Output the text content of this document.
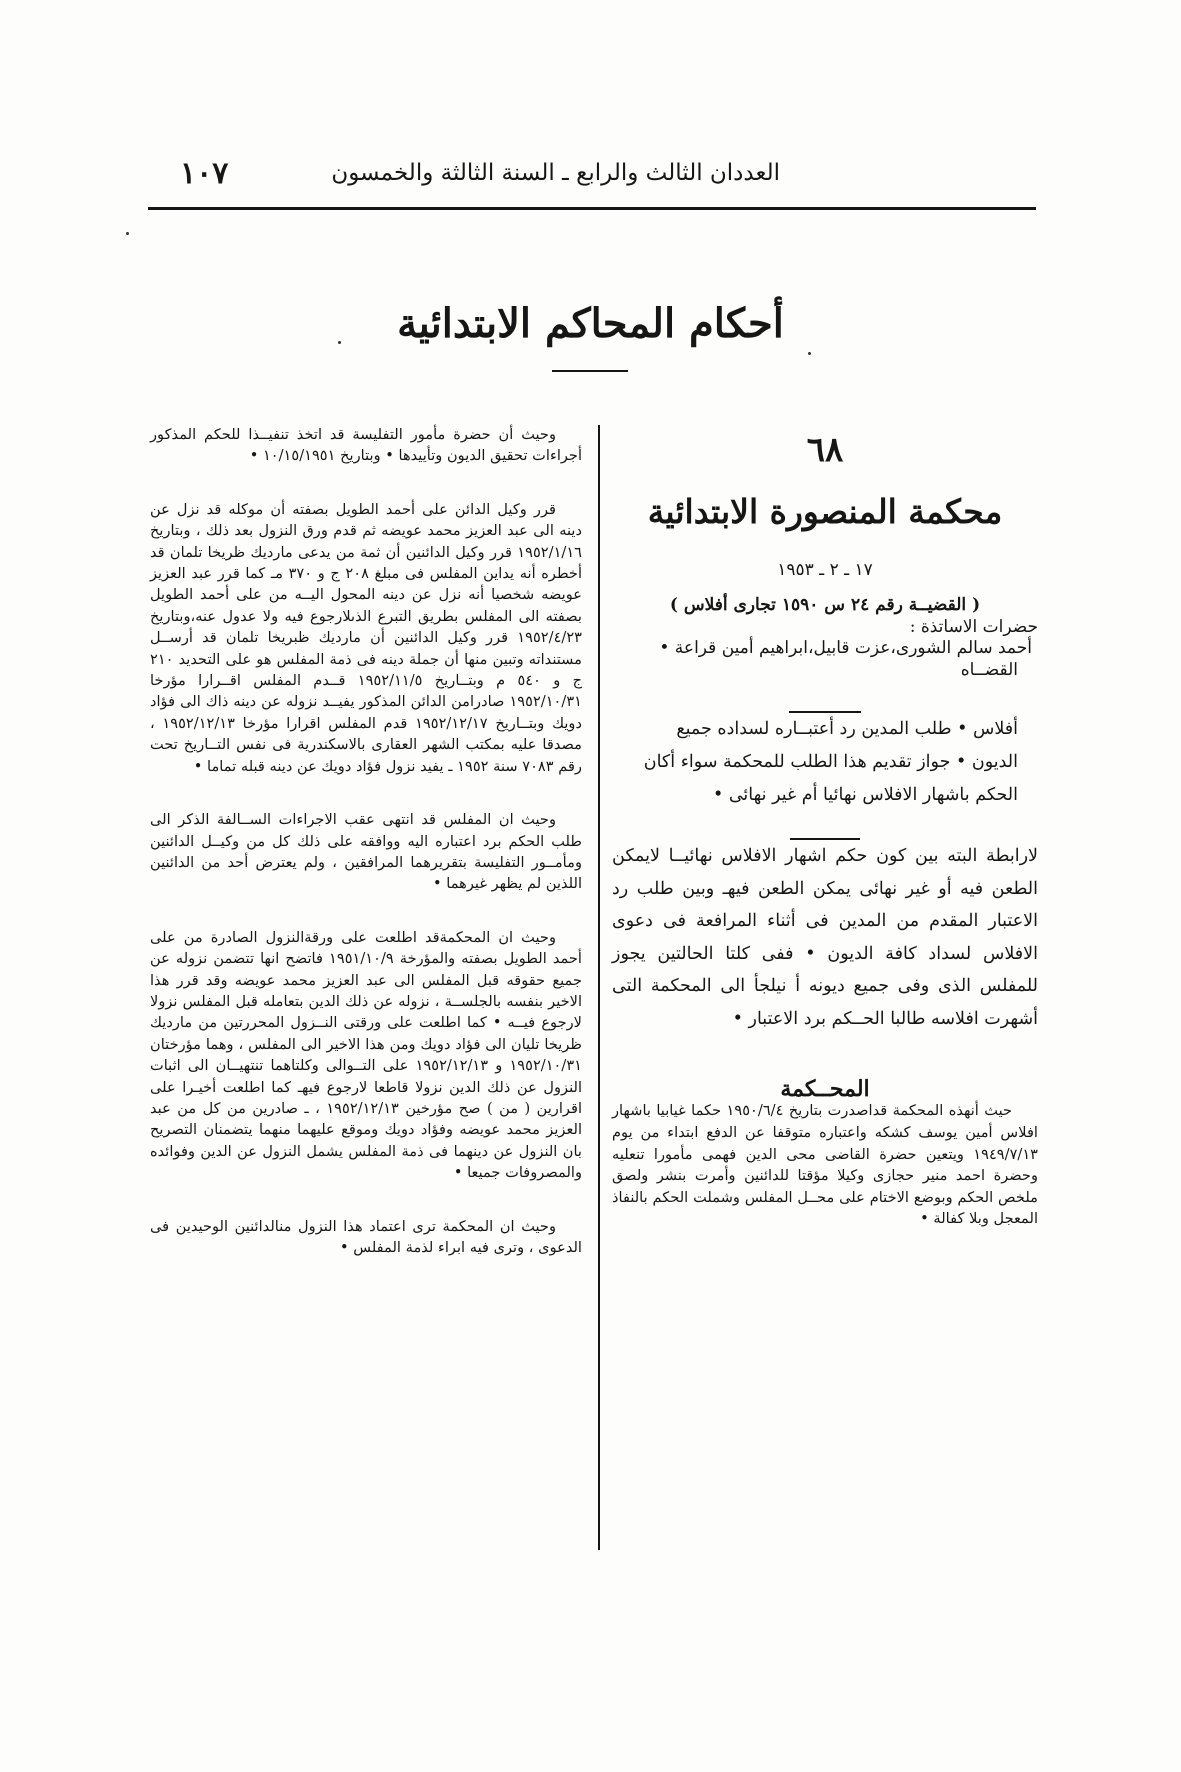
العددان الثالث والرابع ـ السنة الثالثة والخمسون
١٠٧
أحكام المحاكم الابتدائية
٦٨
محكمة المنصورة الابتدائية
١٧ ـ ٢ ـ ١٩٥٣
( القضيــة رقم ٢٤ س ١٥٩٠ تجارى أفلاس )

حضرات الاساتذة :

أحمد سالم الشورى،عزت قابيل،ابراهيم أمين قراعة •

القضــاه

أفلاس • طلب المدين رد أعتبــاره لسداده جميع الديون • جواز تقديم هذا الطلب للمحكمة سواء أكان الحكم باشهار الافلاس نهائيا أم غير نهائى •

لارابطة البته بين كون حكم اشهار الافلاس نهائيــا لايمكن الطعن فيه أو غير نهائى يمكن الطعن فيهـ وبين طلب رد الاعتبار المقدم من المدين فى أثناء المرافعة فى دعوى الافلاس لسداد كافة الديون • ففى كلتا الحالتين يجوز للمفلس الذى وفى جميع ديونه أ نيلجأ الى المحكمة التى أشهرت افلاسه طالبا الحــكم برد الاعتبار •

المحــكمة

حيث أنهذه المحكمة قداصدرت بتاريخ ١٩٥٠/٦/٤ حكما غيابيا باشهار افلاس أمين يوسف كشكه واعتباره متوقفا عن الدفع ابتداء من يوم ١٩٤٩/٧/١٣ ويتعين حضرة القاضى محى الدين فهمى مأمورا تنعليه وحضرة احمد منير حجازى وكيلا مؤقتا للدائنين وأمرت بنشر ولصق ملخص الحكم وبوضع الاختام على محــل المفلس وشملت الحكم بالنفاذ المعجل وبلا كفالة •

وحيث أن حضرة مأمور التفليسة قد اتخذ تنفيــذا للحكم المذكور أجراءات تحقيق الديون وتأييدها • وبتاريخ ١٠/١٥/١٩٥١ •

قرر وكيل الدائن على أحمد الطويل بصفته أن موكله قد نزل عن دينه الى عبد العزيز محمد عويضه ثم قدم ورق النزول بعد ذلك ، وبتاريخ ١٩٥٢/١/١٦ قرر وكيل الدائنين أن ثمة من يدعى مارديك ظريخا تلمان قد أخطره أنه يداين المفلس فى مبلغ ٢٠٨ ج و ٣٧٠ مـ كما قرر عبد العزيز عويضه شخصيا أنه نزل عن دينه المحول اليــه من على أحمد الطويل بصفته الى المفلس بطريق التبرع الذىلارجوع فيه ولا عدول عنه،وبتاريخ ١٩٥٢/٤/٢٣ قرر وكيل الدائنين أن مارديك ظبريخا تلمان قد أرســل مستنداته وتبين منها أن جملة دينه فى ذمة المفلس هو على التحديد ٢١٠ ج و ٥٤٠ م وبتــاريخ ١٩٥٢/١١/٥ قــدم المفلس اقــرارا مؤرخا ١٩٥٢/١٠/٣١ صادرامن الدائن المذكور يفيــد نزوله عن دينه ذاك الى فؤاد دويك وبتــاريخ ١٩٥٢/١٢/١٧ قدم المفلس اقرارا مؤرخا ١٩٥٢/١٢/١٣ ، مصدقا عليه بمكتب الشهر العقارى بالاسكندرية فى نفس التــاريخ تحت رقم ٧٠٨٣ سنة ١٩٥٢ ـ يفيد نزول فؤاد دويك عن دينه قبله تماما •

وحيث ان المفلس قد انتهى عقب الاجراءات الســالفة الذكر الى طلب الحكم برد اعتباره اليه ووافقه على ذلك كل من وكيــل الدائنين ومأمــور التفليسة بتقريرهما المرافقين ، ولم يعترض أحد من الدائنين اللذين لم يظهر غيرهما •

وحيث ان المحكمةقد اطلعت على ورقةالنزول الصادرة من على أحمد الطويل بصفته والمؤرخة ١٩٥١/١٠/٩ فاتضح انها تتضمن نزوله عن جميع حقوقه قبل المفلس الى عبد العزيز محمد عويضه وقد قرر هذا الاخير بنفسه بالجلســة ، نزوله عن ذلك الدين بتعامله قبل المفلس نزولا لارجوع فيــه • كما اطلعت على ورقتى النــزول المحررتين من مارديك ظريخا تليان الى فؤاد دويك ومن هذا الاخير الى المفلس ، وهما مؤرختان ١٩٥٢/١٠/٣١ و ١٩٥٢/١٢/١٣ على التــوالى وكلتاهما تنتهيــان الى اثبات النزول عن ذلك الدين نزولا قاطعا لارجوع فيهـ كما اطلعت أخيـرا على اقرارين ( من ) صح مؤرخين ١٩٥٢/١٢/١٣ ، ـ صادرين من كل من عبد العزيز محمد عويضه وفؤاد دويك وموقع عليهما منهما يتضمنان التصريح بان النزول عن دينهما فى ذمة المفلس يشمل النزول عن الدين وفوائده والمصروفات جميعا •

وحيث ان المحكمة ترى اعتماد هذا النزول منالدائنين الوحيدين فى الدعوى ، وترى فيه ابراء لذمة المفلس •
